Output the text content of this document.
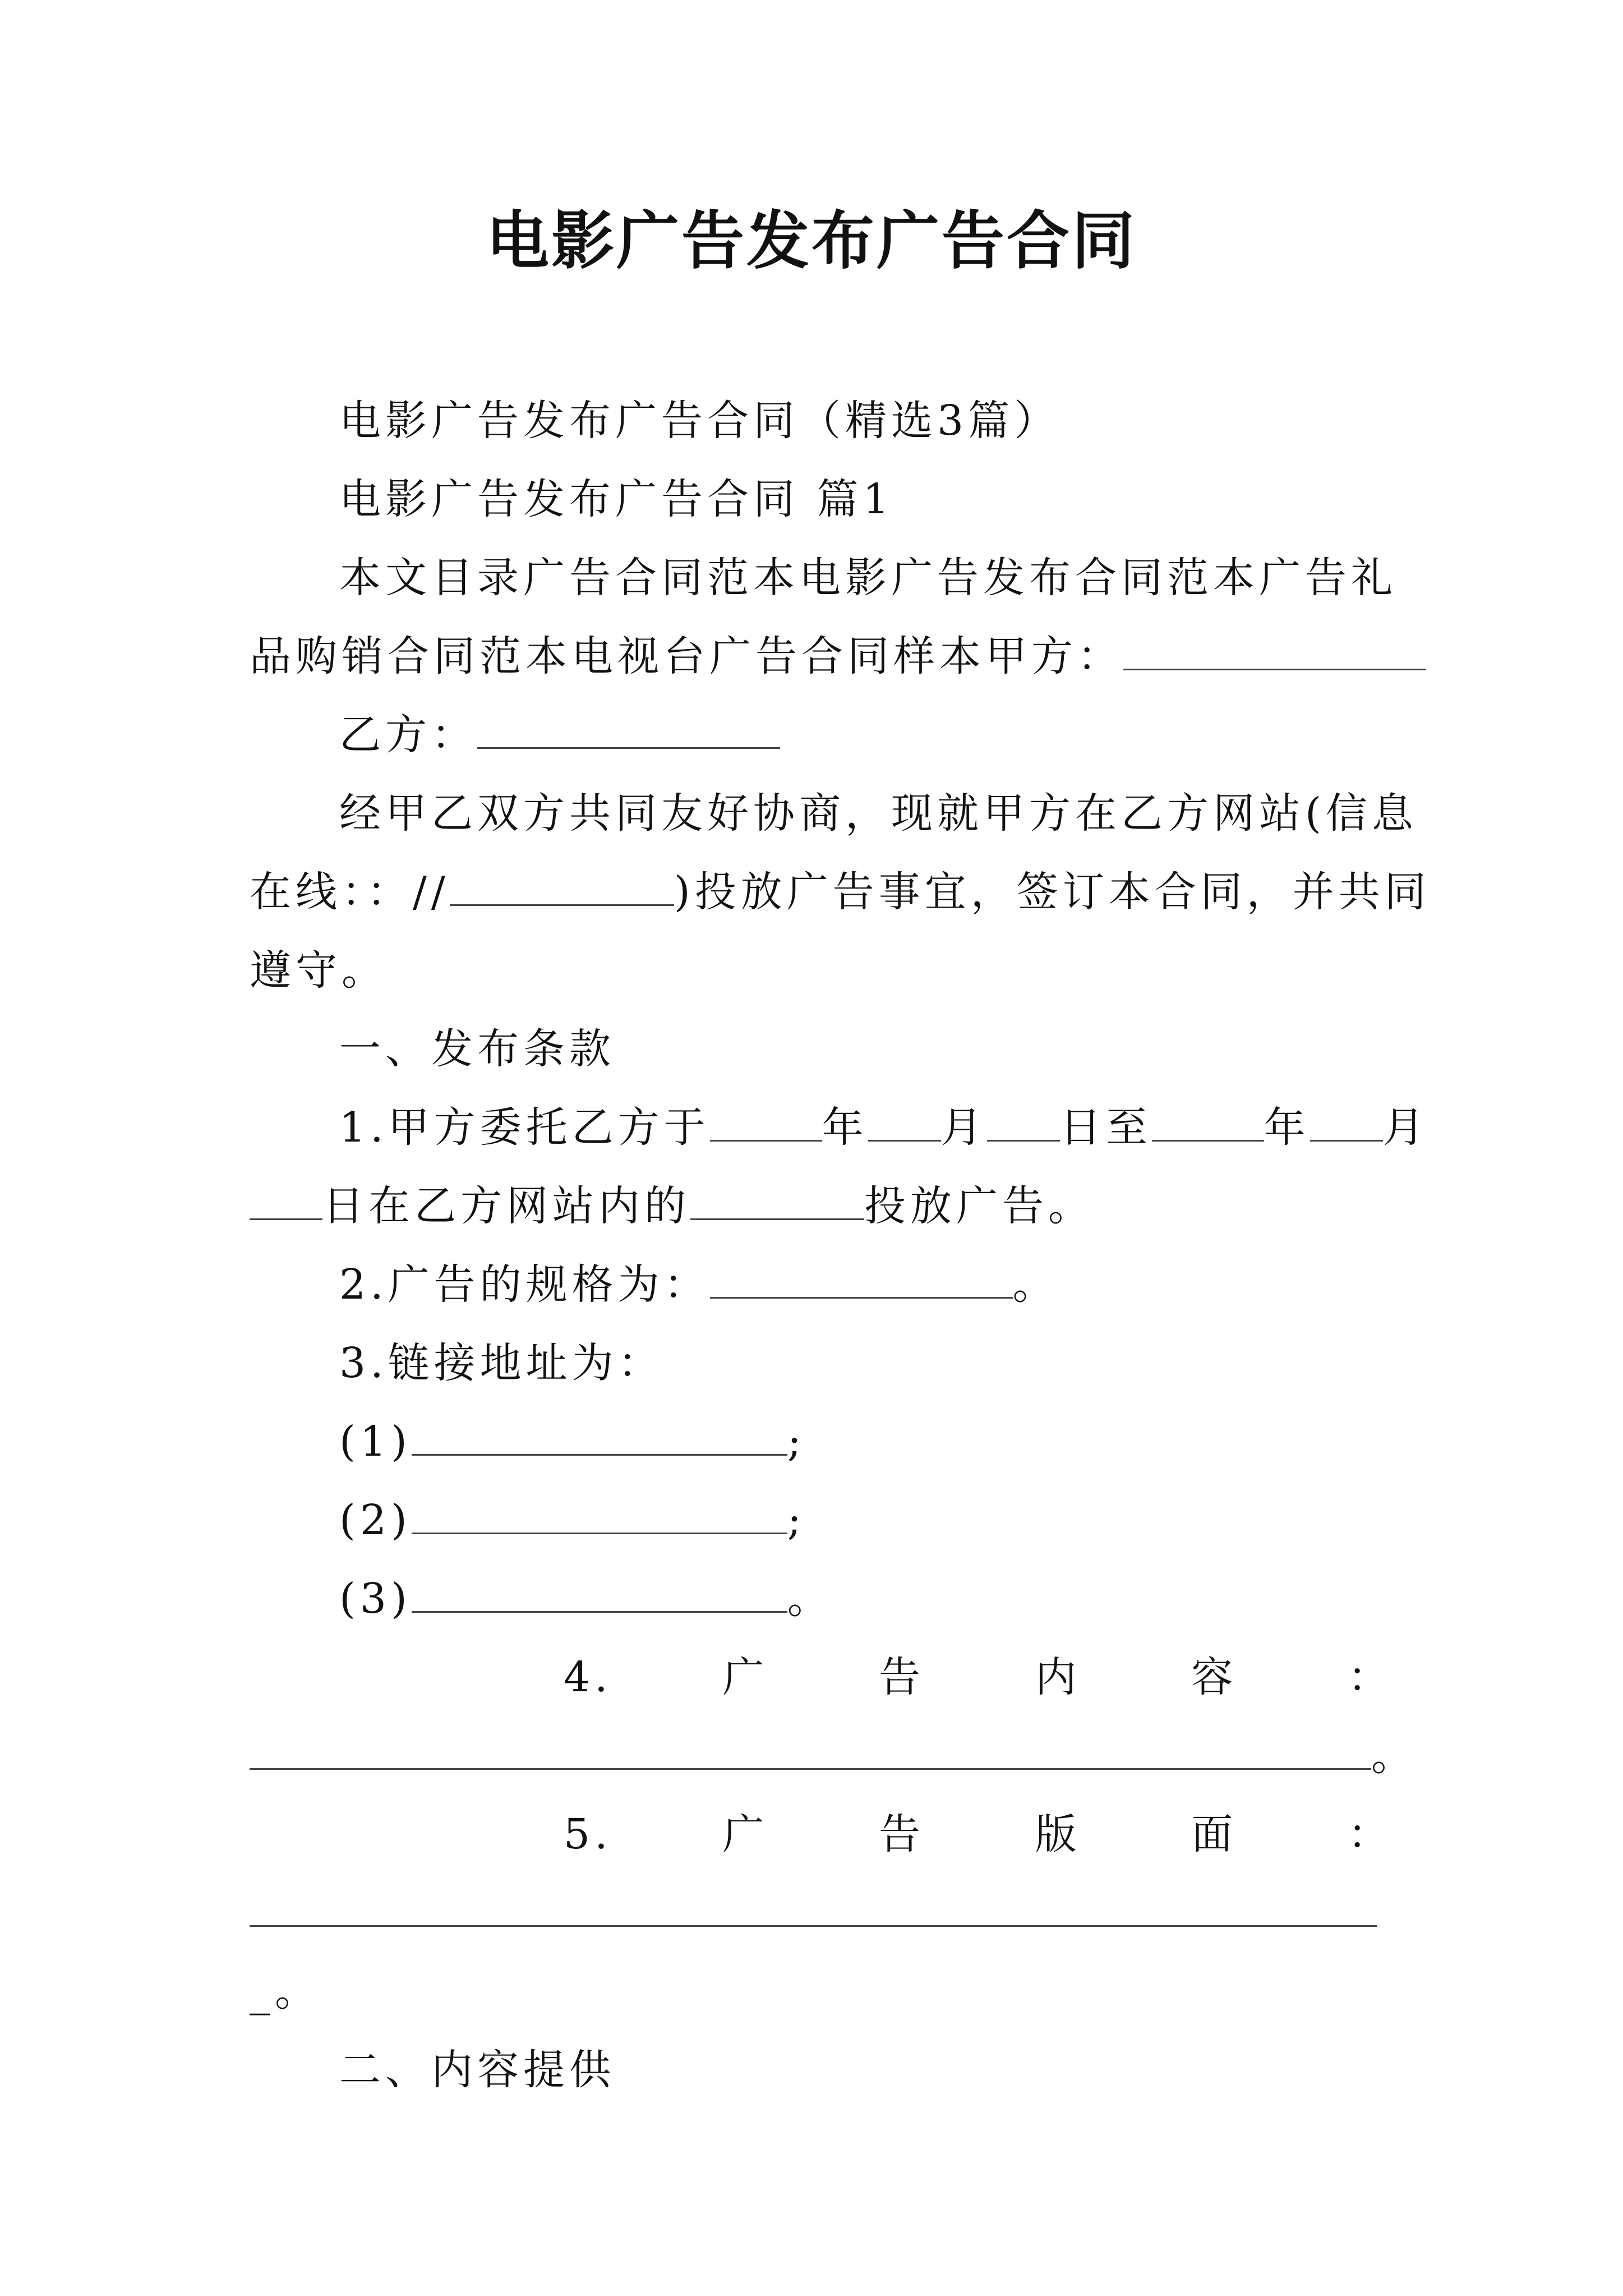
电影广告发布广告合同
电影广告发布广告合同（精选3篇）
电影广告发布广告合同 篇1
本文目录广告合同范本电影广告发布合同范本广告礼
品购销合同范本电视台广告合同样本甲方：
乙方：
经甲乙双方共同友好协商，现就甲方在乙方网站(信息
在线：：//	)投放广告事宜，签订本合同，并共同
遵守。
一、发布条款
1.甲方委托乙方于	年 月 日至	年 月
日在乙方网站内的	投放广告。
2.广告的规格为：	。
3.链接地址为：
(1)	;
(2)	;
(3)	。
4.	广	告	内	容	：
。
5.	广	告	版	面	：
_。
二、内容提供
